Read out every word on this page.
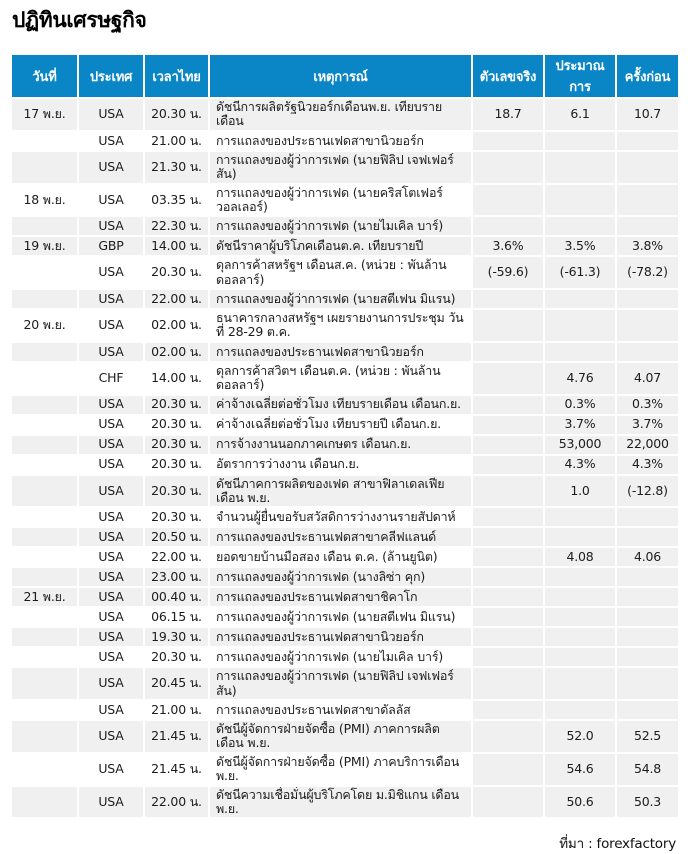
ปฏิทินเศรษฐกิจ
วันที่	ประเทศ	เวลาไทย	เหตุการณ์	ตัวเลขจริง	ประมาณการ	ครั้งก่อน
17 พ.ย.	USA	20.30 น.	ดัชนีการผลิตรัฐนิวยอร์กเดือนพ.ย. เทียบรายเดือน	18.7	6.1	10.7
	USA	21.00 น.	การแถลงของประธานเฟดสาขานิวยอร์ก			
	USA	21.30 น.	การแถลงของผู้ว่าการเฟด (นายฟิลิป เจฟเฟอร์สัน)			
18 พ.ย.	USA	03.35 น.	การแถลงของผู้ว่าการเฟด (นายคริสโตเฟอร์ วอลเลอร์)			
	USA	22.30 น.	การแถลงของผู้ว่าการเฟด (นายไมเคิล บาร์)			
19 พ.ย.	GBP	14.00 น.	ดัชนีราคาผู้บริโภคเดือนต.ค. เทียบรายปี	3.6%	3.5%	3.8%
	USA	20.30 น.	ดุลการค้าสหรัฐฯ เดือนส.ค. (หน่วย : พันล้านดอลลาร์)	(-59.6)	(-61.3)	(-78.2)
	USA	22.00 น.	การแถลงของผู้ว่าการเฟด (นายสตีเฟน มิแรน)			
20 พ.ย.	USA	02.00 น.	ธนาคารกลางสหรัฐฯ เผยรายงานการประชุม วันที่ 28-29 ต.ค.			
	USA	02.00 น.	การแถลงของประธานเฟดสาขานิวยอร์ก			
	CHF	14.00 น.	ดุลการค้าสวิตฯ เดือนต.ค. (หน่วย : พันล้านดอลลาร์)		4.76	4.07
	USA	20.30 น.	ค่าจ้างเฉลี่ยต่อชั่วโมง เทียบรายเดือน เดือนก.ย.		0.3%	0.3%
	USA	20.30 น.	ค่าจ้างเฉลี่ยต่อชั่วโมง เทียบรายปี เดือนก.ย.		3.7%	3.7%
	USA	20.30 น.	การจ้างงานนอกภาคเกษตร เดือนก.ย.		53,000	22,000
	USA	20.30 น.	อัตราการว่างงาน เดือนก.ย.		4.3%	4.3%
	USA	20.30 น.	ดัชนีภาคการผลิตของเฟด สาขาฟิลาเดลเฟียเดือน พ.ย.		1.0	(-12.8)
	USA	20.30 น.	จำนวนผู้ยื่นขอรับสวัสดิการว่างงานรายสัปดาห์			
	USA	20.50 น.	การแถลงของประธานเฟดสาขาคลีฟแลนด์			
	USA	22.00 น.	ยอดขายบ้านมือสอง เดือน ต.ค. (ล้านยูนิต)		4.08	4.06
	USA	23.00 น.	การแถลงของผู้ว่าการเฟด (นางลิซ่า คุก)			
21 พ.ย.	USA	00.40 น.	การแถลงของประธานเฟดสาขาชิคาโก			
	USA	06.15 น.	การแถลงของผู้ว่าการเฟด (นายสตีเฟน มิแรน)			
	USA	19.30 น.	การแถลงของประธานเฟดสาขานิวยอร์ก			
	USA	20.30 น.	การแถลงของผู้ว่าการเฟด (นายไมเคิล บาร์)			
	USA	20.45 น.	การแถลงของผู้ว่าการเฟด (นายฟิลิป เจฟเฟอร์สัน)			
	USA	21.00 น.	การแถลงของประธานเฟดสาขาดัลลัส			
	USA	21.45 น.	ดัชนีผู้จัดการฝ่ายจัดซื้อ (PMI) ภาคการผลิตเดือน พ.ย.		52.0	52.5
	USA	21.45 น.	ดัชนีผู้จัดการฝ่ายจัดซื้อ (PMI) ภาคบริการเดือน พ.ย.		54.6	54.8
	USA	22.00 น.	ดัชนีความเชื่อมั่นผู้บริโภคโดย ม.มิชิแกน เดือน พ.ย.		50.6	50.3
ที่มา : forexfactory
